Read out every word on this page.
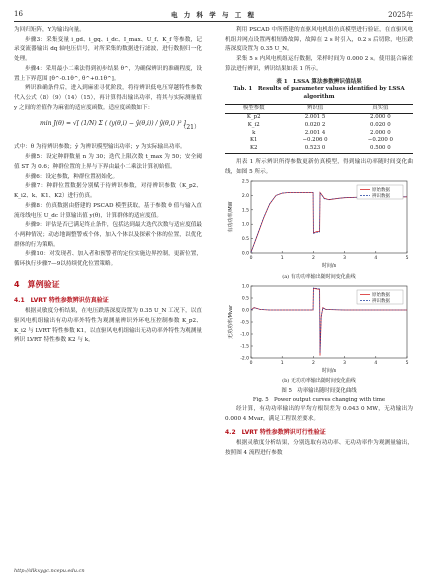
16	电 力 科 学 与 工 程	2025年

为回归矩阵，Y为输出向量。

步骤3：采集变量 i_gd、i_gq、i_dc、I_max、U_f、K_f 等参数，记录变流器输出 dq 轴电压信号，对所采集的数据进行滤波，进行数据归一化处理。

步骤4：采用最小二乘法得到初步结果 θ^，为确保辨识的准确程度，设置上下界范围 [θ^-0.1θ^, θ^+0.1θ^]。

辨识准确条件后，进入到麻雀寻优阶段，将待辨识低电压穿越特性参数代入公式（8）（9）（14）（15），再计算得出输出功率，将其与实际测量值 y 之间的差值作为麻雀的适应度函数。适应度函数如下：

min J(θ) = √[ (1/N) Σ ( (y(θ,i) − ŷ(θ,i)) / ŷ(θ,i) )² ]
（21）

式中：θ 为待辨识参数；ŷ 为辨识模型输出功率；y 为实际输出功率。

步骤5：设定种群数量 n 为 30；迭代上限次数 t_max 为 50；安全阈值 ST 为 0.6；种群位置的上界与下界由最小二乘法计算初始值。

步骤6：设定参数，种群位置初始化。

步骤7：种群位置数据分别赋于待辨识参数，对待辨识参数（K_p2、K_i2、k、K1、K2）进行仿真。

步骤8：仿真数据由搭建的 PSCAD 模型获取，基于参数 θ 值与输入直流母线电压 U_dc 计算输出值 y(θ)，计算群体的适应度值。

步骤9：评估是否已满足终止条件，包括达到最大迭代次数与适应度值最小两种情况；动态地调整警戒个体，加入个体以及探索个体的位置，以优化群体的行为策略。

步骤10：对发现者、加入者和预警者的定位实施边界控制，更新位置，循环执行步骤7—9以持续优化位置策略。

4　算例验证
4.1　LVRT 特性参数辨识仿真验证

根据灵敏度分析结果，在电压跌落深度设置为 0.35 U_N 工况下，以直驱风电机组输出有功功率外特性为观测量辨识外环电压控制参数 K_p2、K_i2 与 LVRT 特性参数 K1，以直驱风电机组输出无功功率外特性为观测量辨识 LVRT 特性参数 K2 与 k。

利用 PSCAD 中所搭建的直驱风电机组仿真模型进行验证，在直驱风电机组并网点设置两相短路故障，故障在 2 s 时引入，0.2 s 后切除，电压跌落深度设置为 0.35 U_N。

采集 5 s 内风电机组运行数据，采样时间为 0.000 2 s。使用混合麻雀算法进行辨识，辨识结果如表 1 所示。

表 1　LSSA 算法参数辨识值结果
Tab. 1　Results of parameter values identified by LSSA algorithm
模型参数	辨识值	真实值
K_p2	2.001 5	2.000 0
K_i2	0.020 2	0.020 0
k	2.001 4	2.000 0
K1	−0.206 0	−0.200 0
K2	0.523 0	0.500 0

用表 1 所示辨识所得参数更新仿真模型，得到输出功率随时间变化曲线，如图 5 所示。

0	1	2	3	4	5
0.0
0.5
1.0
1.5
2.0
2.5
时间/s
有功功率/MW
原始数据
辨识数据
(a) 有功功率输出随时间变化曲线
0	1	2	3	4	5
-2.0
-1.5
-1.0
-0.5
0.0
0.5
1.0
时间/s
无功功率/Mvar
原始数据
辨识数据
(b) 无功功率输出随时间变化曲线
图 5　功率输出随时间变化曲线
Fig. 5　Power output curves changing with time

经计算，有功功率输出的平均方根误差为 0.043 0 MW，无功输出为 0.000 4 Mvar，满足工程误差要求。

4.2　LVRT 特性参数辨识可行性验证

根据灵敏度分析结果，分别选取有功功率、无功功率作为观测量输出，按照图 4 流程进行参数

http://dlkxygc.ncepu.edu.cn
